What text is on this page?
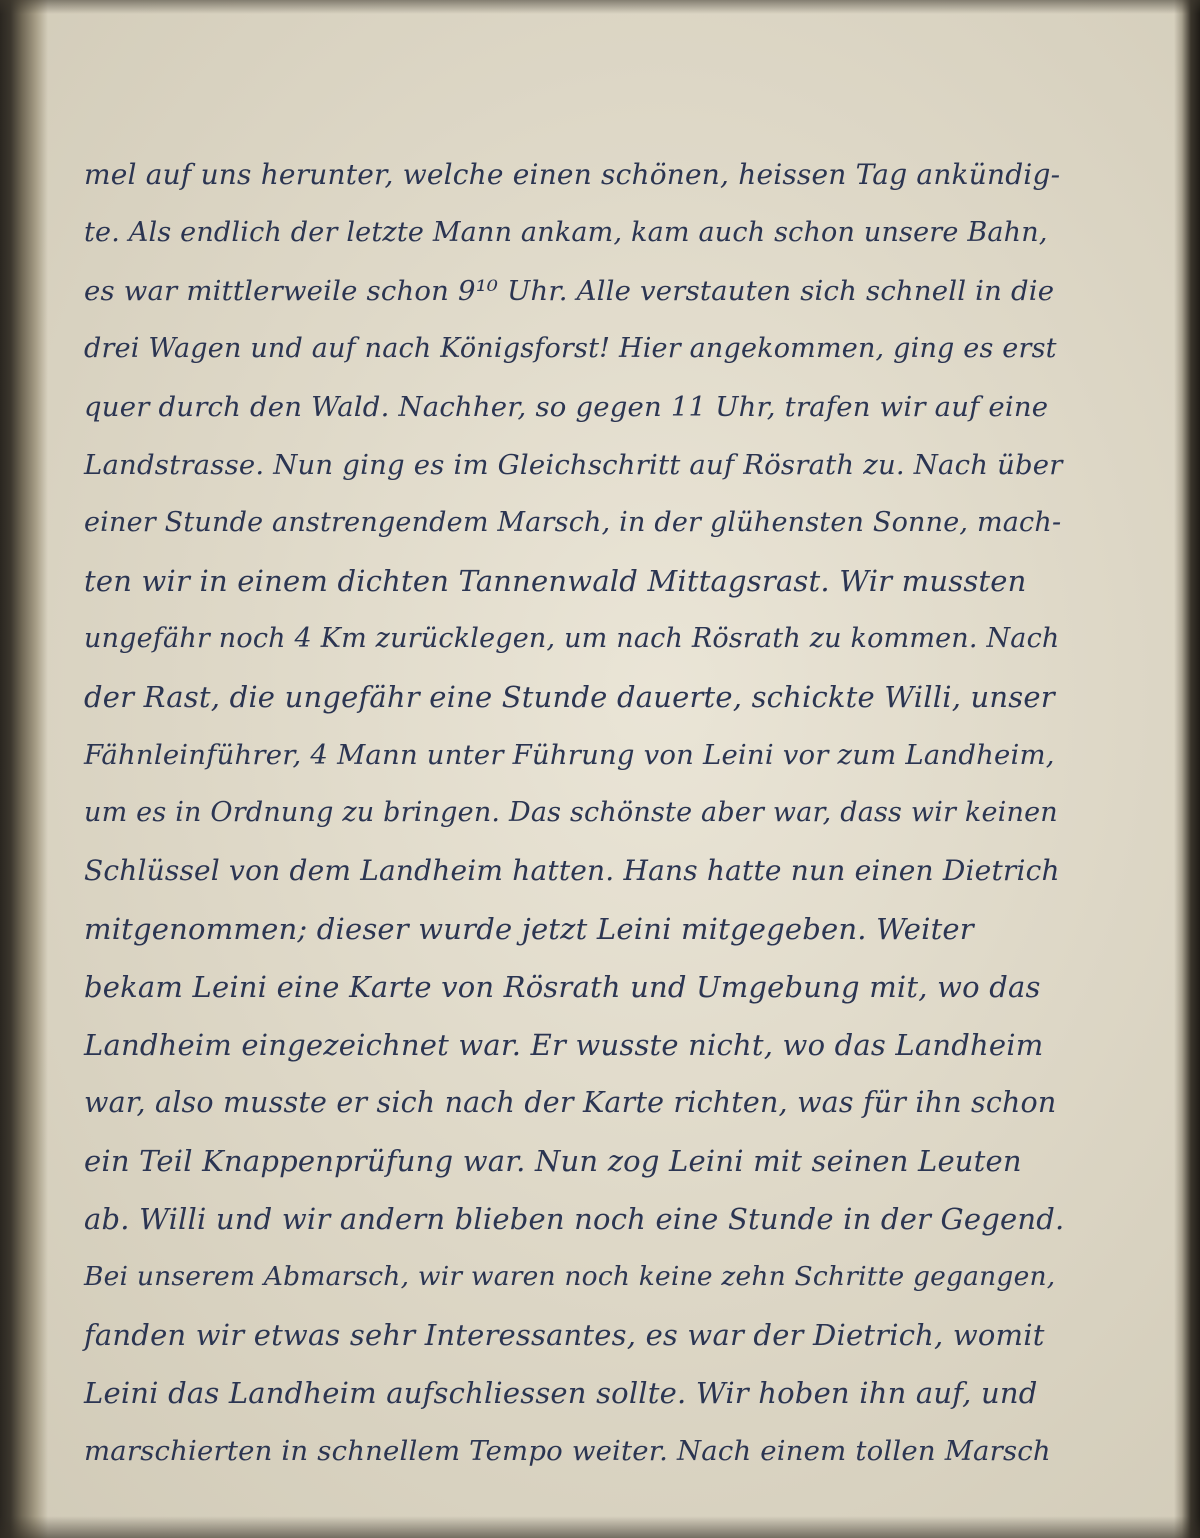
mel auf uns herunter, welche einen schönen, heissen Tag ankündig-
te. Als endlich der letzte Mann ankam, kam auch schon unsere Bahn,
es war mittlerweile schon 9¹⁰ Uhr. Alle verstauten sich schnell in die
drei Wagen und auf nach Königsforst! Hier angekommen, ging es erst
quer durch den Wald. Nachher, so gegen 11 Uhr, trafen wir auf eine
Landstrasse. Nun ging es im Gleichschritt auf Rösrath zu. Nach über
einer Stunde anstrengendem Marsch, in der glühensten Sonne, mach-
ten wir in einem dichten Tannenwald Mittagsrast. Wir mussten
ungefähr noch 4 Km zurücklegen, um nach Rösrath zu kommen. Nach
der Rast, die ungefähr eine Stunde dauerte, schickte Willi, unser
Fähnleinführer, 4 Mann unter Führung von Leini vor zum Landheim,
um es in Ordnung zu bringen. Das schönste aber war, dass wir keinen
Schlüssel von dem Landheim hatten. Hans hatte nun einen Dietrich
mitgenommen; dieser wurde jetzt Leini mitgegeben. Weiter
bekam Leini eine Karte von Rösrath und Umgebung mit, wo das
Landheim eingezeichnet war. Er wusste nicht, wo das Landheim
war, also musste er sich nach der Karte richten, was für ihn schon
ein Teil Knappenprüfung war. Nun zog Leini mit seinen Leuten
ab. Willi und wir andern blieben noch eine Stunde in der Gegend.
Bei unserem Abmarsch, wir waren noch keine zehn Schritte gegangen,
fanden wir etwas sehr Interessantes, es war der Dietrich, womit
Leini das Landheim aufschliessen sollte. Wir hoben ihn auf, und
marschierten in schnellem Tempo weiter. Nach einem tollen Marsch
